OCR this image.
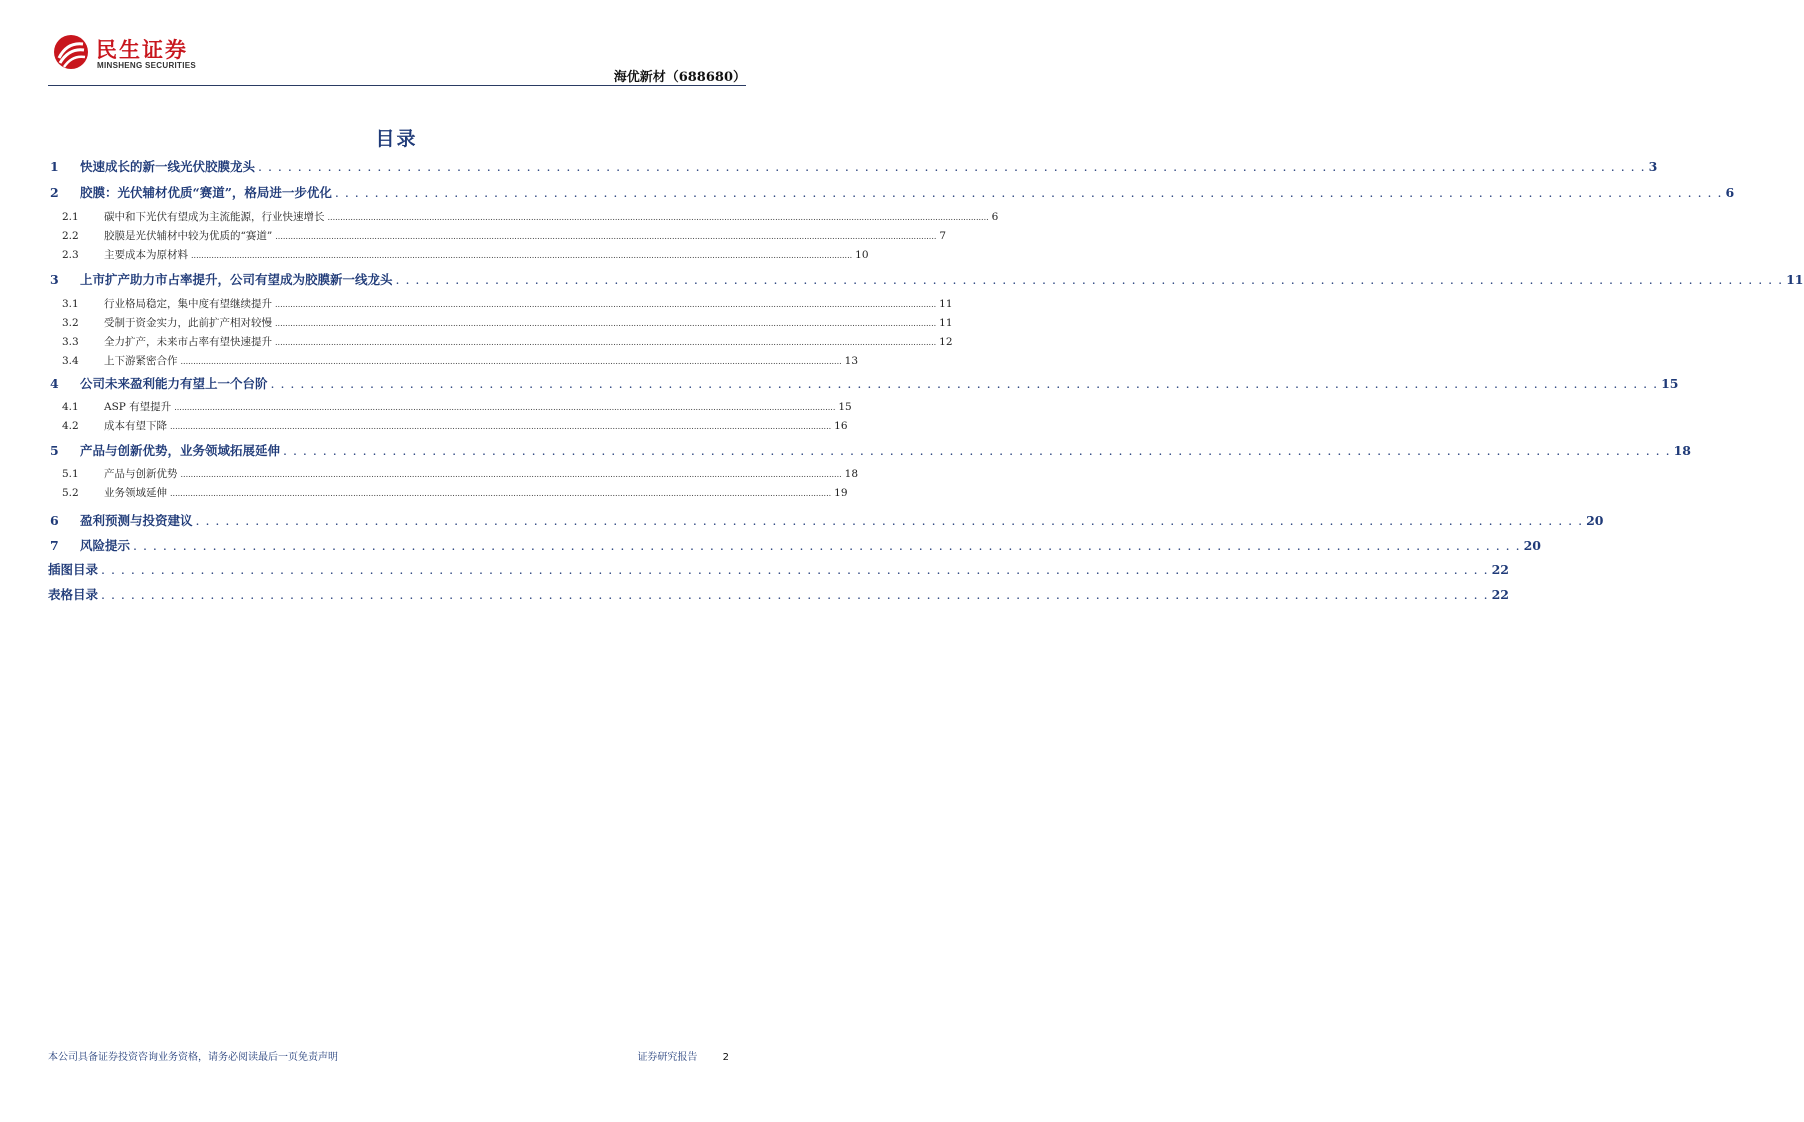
民生证券
MINSHENG SECURITIES
海优新材（688680）
目录
1	快速成长的新一线光伏胶膜龙头 . . . . . . . . . . . . . . . . . . . . . . . . . . . . . . . . . . . . . . . . . . . . . . . . . . . . . . . . . . . . . . . . . . . . . . . . . . . . . . . . . . . . . . . . . . . . . . . . . . . . . . . . . . . . . . . . . . . . . . . . . . . . . . . . . . . . . . . . . . . . 3
2	胶膜：光伏辅材优质“赛道”，格局进一步优化 . . . . . . . . . . . . . . . . . . . . . . . . . . . . . . . . . . . . . . . . . . . . . . . . . . . . . . . . . . . . . . . . . . . . . . . . . . . . . . . . . . . . . . . . . . . . . . . . . . . . . . . . . . . . . . . . . . . . . . . . . . . . . . . . . . . . . . . . . . . . 6
2.1	碳中和下光伏有望成为主流能源，行业快速增长 .................................................................................................................................................................................................................................................................... 6
2.2	胶膜是光伏辅材中较为优质的“赛道” .................................................................................................................................................................................................................................................................... 7
2.3	主要成本为原材料 .................................................................................................................................................................................................................................................................... 10
3	上市扩产助力市占率提升，公司有望成为胶膜新一线龙头 . . . . . . . . . . . . . . . . . . . . . . . . . . . . . . . . . . . . . . . . . . . . . . . . . . . . . . . . . . . . . . . . . . . . . . . . . . . . . . . . . . . . . . . . . . . . . . . . . . . . . . . . . . . . . . . . . . . . . . . . . . . . . . . . . . . . . . . . . . . . 11
3.1	行业格局稳定，集中度有望继续提升 .................................................................................................................................................................................................................................................................... 11
3.2	受制于资金实力，此前扩产相对较慢 .................................................................................................................................................................................................................................................................... 11
3.3	全力扩产，未来市占率有望快速提升 .................................................................................................................................................................................................................................................................... 12
3.4	上下游紧密合作 .................................................................................................................................................................................................................................................................... 13
4	公司未来盈利能力有望上一个台阶 . . . . . . . . . . . . . . . . . . . . . . . . . . . . . . . . . . . . . . . . . . . . . . . . . . . . . . . . . . . . . . . . . . . . . . . . . . . . . . . . . . . . . . . . . . . . . . . . . . . . . . . . . . . . . . . . . . . . . . . . . . . . . . . . . . . . . . . . . . . . 15
4.1	ASP 有望提升 .................................................................................................................................................................................................................................................................... 15
4.2	成本有望下降 .................................................................................................................................................................................................................................................................... 16
5	产品与创新优势，业务领域拓展延伸 . . . . . . . . . . . . . . . . . . . . . . . . . . . . . . . . . . . . . . . . . . . . . . . . . . . . . . . . . . . . . . . . . . . . . . . . . . . . . . . . . . . . . . . . . . . . . . . . . . . . . . . . . . . . . . . . . . . . . . . . . . . . . . . . . . . . . . . . . . . . 18
5.1	产品与创新优势 .................................................................................................................................................................................................................................................................... 18
5.2	业务领域延伸 .................................................................................................................................................................................................................................................................... 19
6	盈利预测与投资建议 . . . . . . . . . . . . . . . . . . . . . . . . . . . . . . . . . . . . . . . . . . . . . . . . . . . . . . . . . . . . . . . . . . . . . . . . . . . . . . . . . . . . . . . . . . . . . . . . . . . . . . . . . . . . . . . . . . . . . . . . . . . . . . . . . . . . . . . . . . . . 20
7	风险提示 . . . . . . . . . . . . . . . . . . . . . . . . . . . . . . . . . . . . . . . . . . . . . . . . . . . . . . . . . . . . . . . . . . . . . . . . . . . . . . . . . . . . . . . . . . . . . . . . . . . . . . . . . . . . . . . . . . . . . . . . . . . . . . . . . . . . . . . . . . . . 20
插图目录 . . . . . . . . . . . . . . . . . . . . . . . . . . . . . . . . . . . . . . . . . . . . . . . . . . . . . . . . . . . . . . . . . . . . . . . . . . . . . . . . . . . . . . . . . . . . . . . . . . . . . . . . . . . . . . . . . . . . . . . . . . . . . . . . . . . . . . . . . . . . 22
表格目录 . . . . . . . . . . . . . . . . . . . . . . . . . . . . . . . . . . . . . . . . . . . . . . . . . . . . . . . . . . . . . . . . . . . . . . . . . . . . . . . . . . . . . . . . . . . . . . . . . . . . . . . . . . . . . . . . . . . . . . . . . . . . . . . . . . . . . . . . . . . . 22
本公司具备证券投资咨询业务资格，请务必阅读最后一页免责声明	证券研究报告	2
